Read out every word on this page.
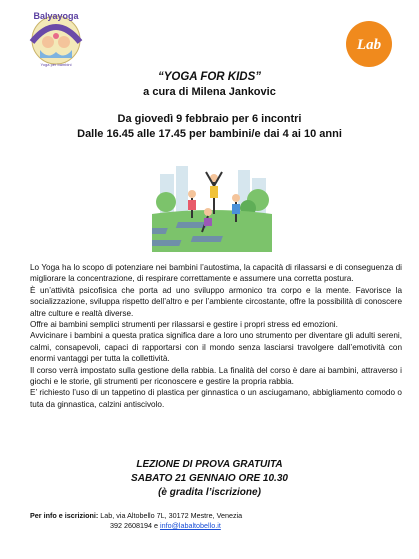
Balyayoga
Yoga per bambini
Lab
“YOGA FOR KIDS”
a cura di Milena Jankovic
Da giovedì 9 febbraio per 6 incontri
Dalle 16.45 alle 17.45 per bambini/e dai 4 ai 10 anni

Lo Yoga ha lo scopo di potenziare nei bambini l’autostima, la capacità di rilassarsi e di conseguenza di migliorare la concentrazione, di respirare correttamente e assumere una corretta postura.

È un’attività psicofisica che porta ad uno sviluppo armonico tra corpo e la mente. Favorisce la socializzazione, sviluppa rispetto dell’altro e per l’ambiente circostante, offre la possibilità di conoscere altre culture e realtà diverse.

Offre ai bambini semplici strumenti per rilassarsi e gestire i propri stress ed emozioni.

Avvicinare i bambini a questa pratica significa dare a loro uno strumento per diventare gli adulti sereni, calmi, consapevoli, capaci di rapportarsi con il mondo senza lasciarsi travolgere dall’emotività con enormi vantaggi per tutta la collettività.

Il corso verrà impostato sulla gestione della rabbia. La finalità del corso è dare ai bambini, attraverso i giochi e le storie, gli strumenti per riconoscere e gestire la propria rabbia.

E’ richiesto l’uso di un tappetino di plastica per ginnastica o un asciugamano, abbigliamento comodo o tuta da ginnastica, calzini antiscivolo.

LEZIONE DI PROVA GRATUITA
SABATO 21 GENNAIO ORE 10.30
(è gradita l’iscrizione)
Per info e iscrizioni: Lab, via Altobello 7L, 30172 Mestre, Venezia
392 2608194 e info@labaltobello.it
